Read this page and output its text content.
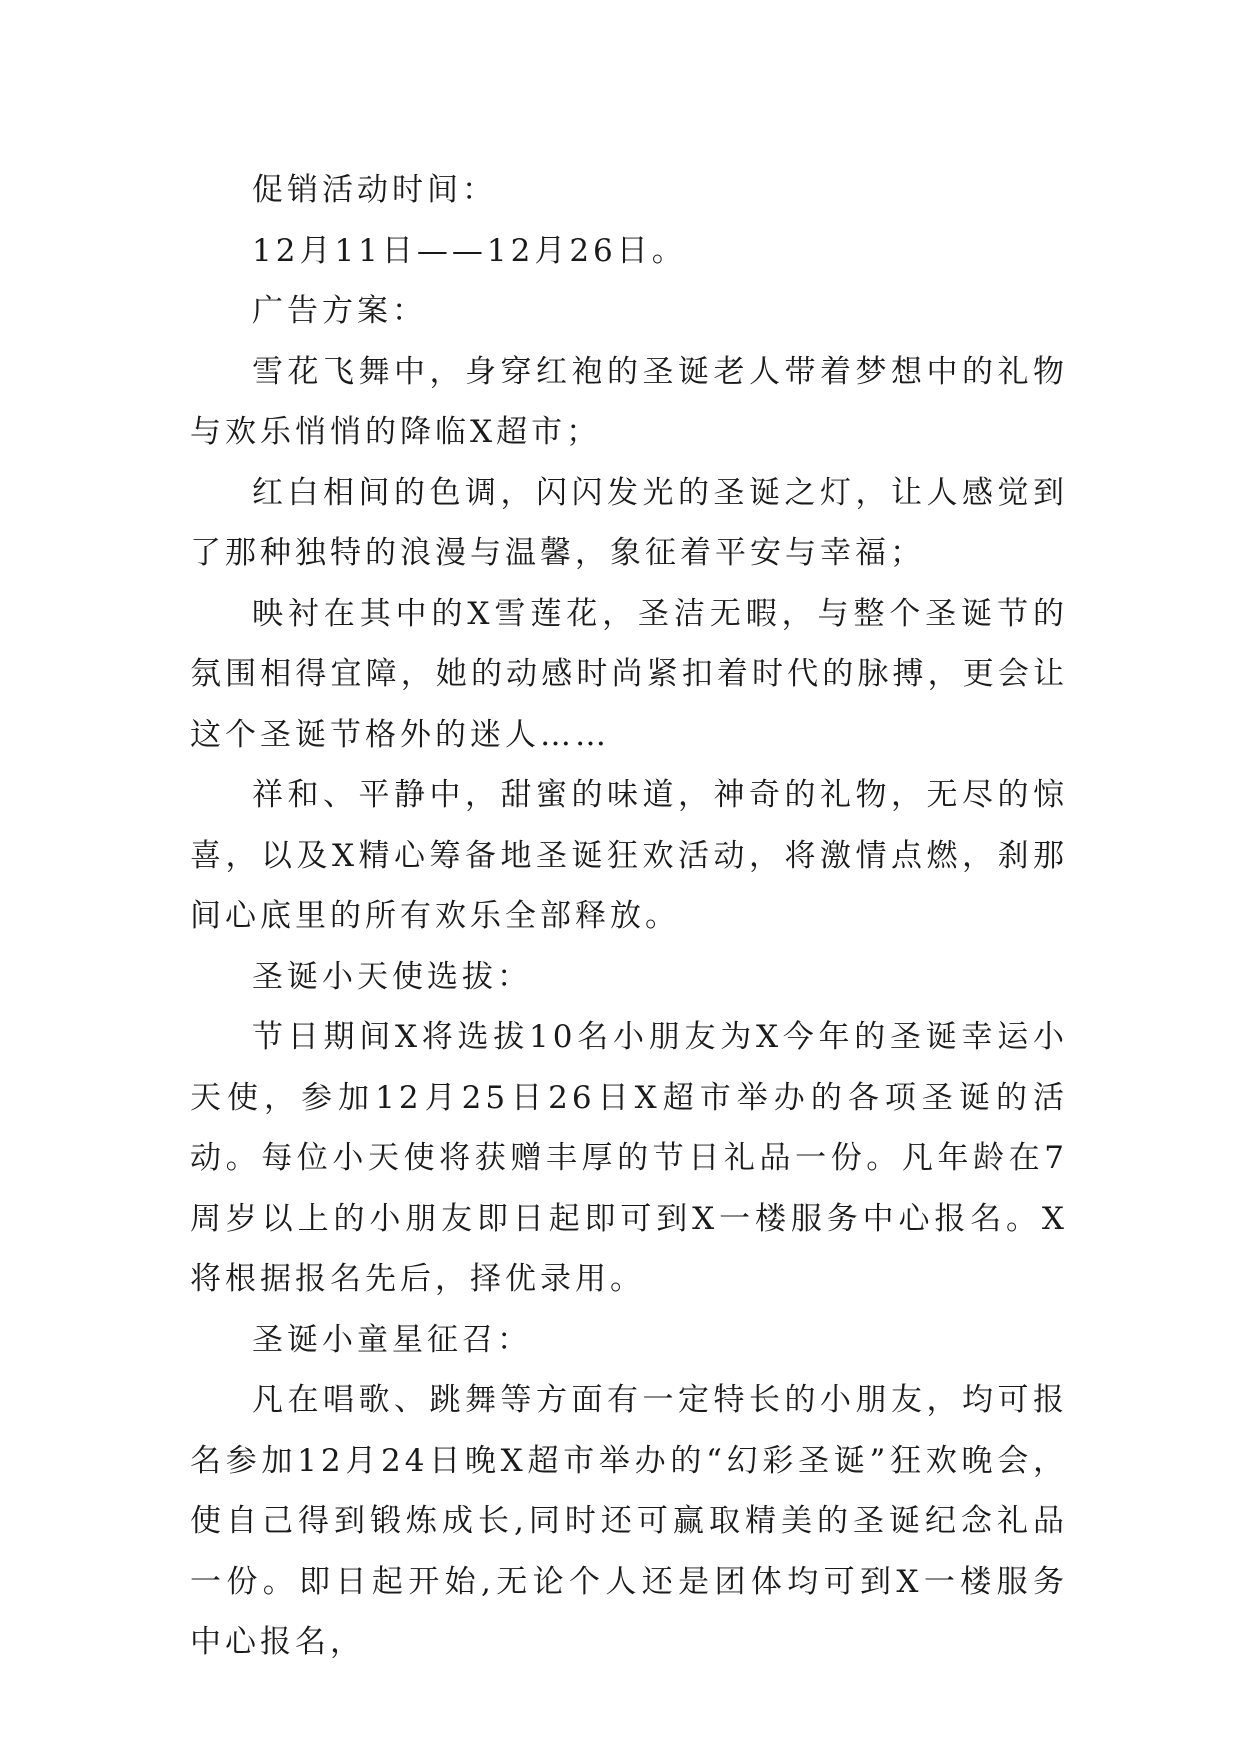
促销活动时间：

12月11日——12月26日。

广告方案：

雪花飞舞中，身穿红袍的圣诞老人带着梦想中的礼物与欢乐悄悄的降临X超市；

红白相间的色调，闪闪发光的圣诞之灯，让人感觉到了那种独特的浪漫与温馨，象征着平安与幸福；

映衬在其中的X雪莲花，圣洁无暇，与整个圣诞节的氛围相得宜障，她的动感时尚紧扣着时代的脉搏，更会让这个圣诞节格外的迷人……

祥和、平静中，甜蜜的味道，神奇的礼物，无尽的惊喜，以及X精心筹备地圣诞狂欢活动，将激情点燃，刹那间心底里的所有欢乐全部释放。

圣诞小天使选拔：

节日期间X将选拔10名小朋友为X今年的圣诞幸运小天使，参加12月25日26日X超市举办的各项圣诞的活动。每位小天使将获赠丰厚的节日礼品一份。凡年龄在7周岁以上的小朋友即日起即可到X一楼服务中心报名。X将根据报名先后，择优录用。

圣诞小童星征召：

凡在唱歌、跳舞等方面有一定特长的小朋友，均可报名参加12月24日晚X超市举办的“幻彩圣诞”狂欢晚会，使自己得到锻炼成长,同时还可赢取精美的圣诞纪念礼品一份。即日起开始,无论个人还是团体均可到X一楼服务中心报名，
